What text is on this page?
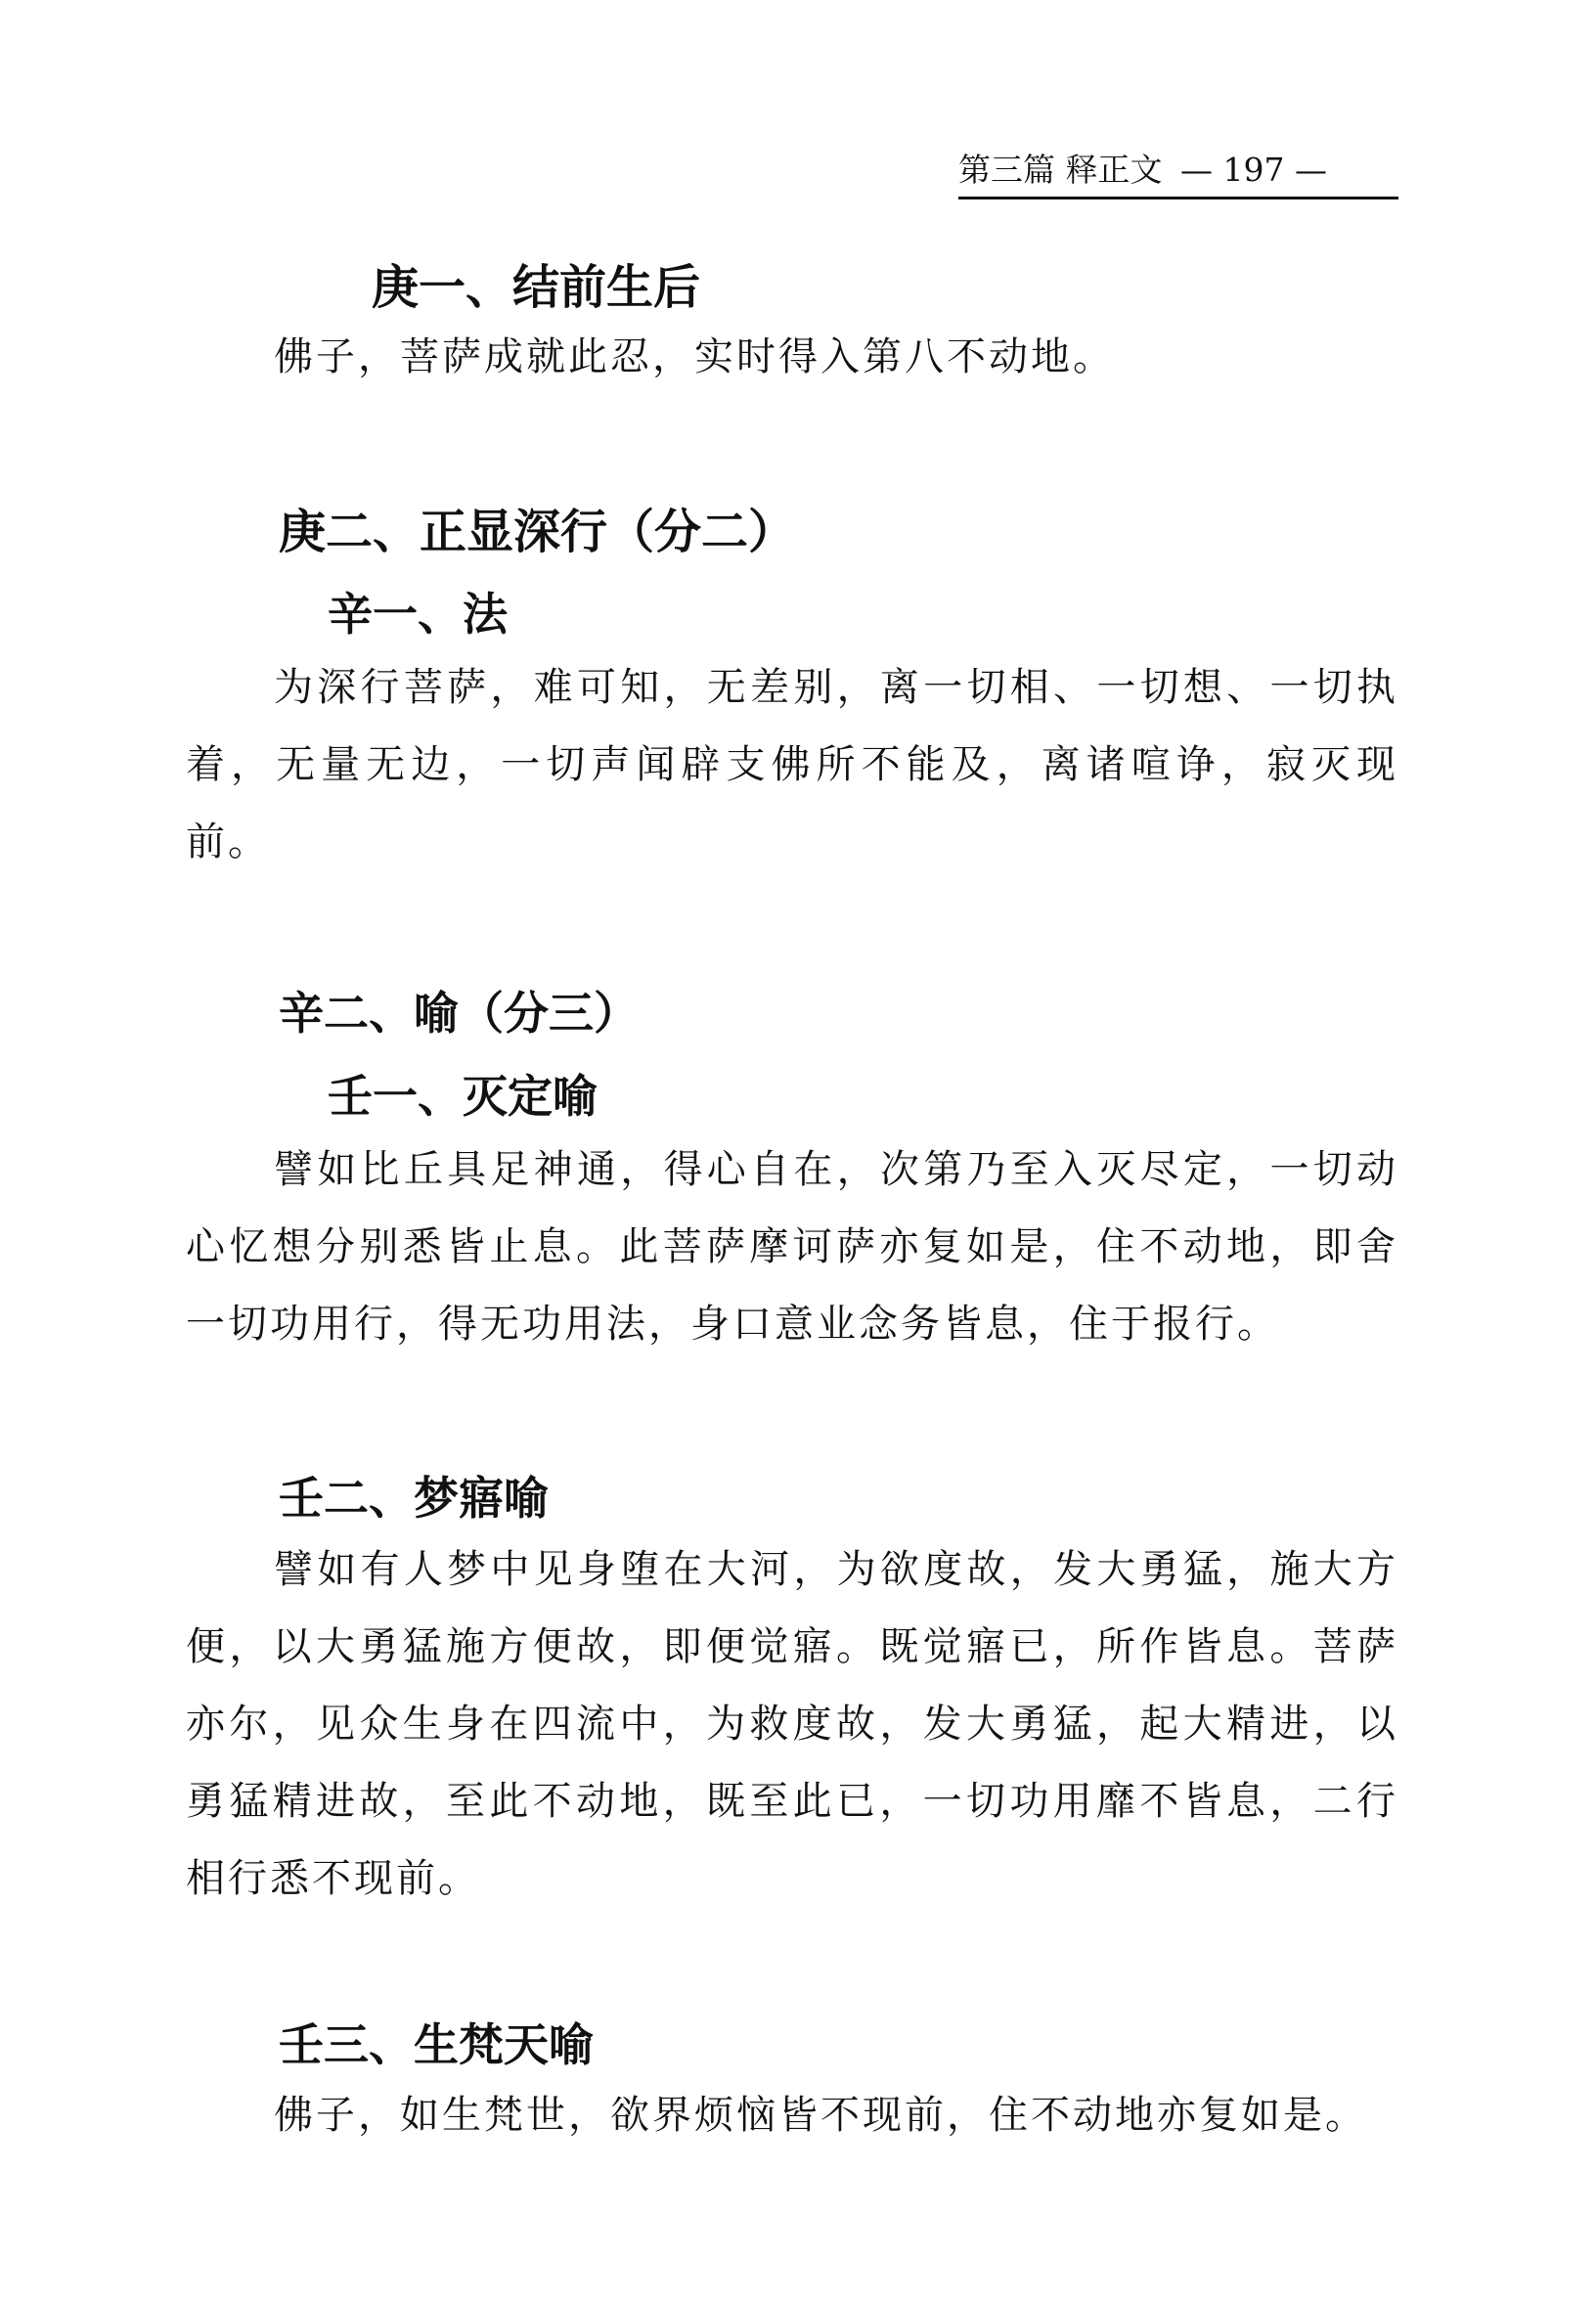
第三篇 释正文 — 197 —
庚一、结前生后
佛子，菩萨成就此忍，实时得入第八不动地。
庚二、正显深行（分二）
辛一、法
为深行菩萨，难可知，无差别，离一切相、一切想、一切执着，无量无边，一切声闻辟支佛所不能及，离诸喧诤，寂灭现前。
辛二、喻（分三）
壬一、灭定喻
譬如比丘具足神通，得心自在，次第乃至入灭尽定，一切动心忆想分别悉皆止息。此菩萨摩诃萨亦复如是，住不动地，即舍一切功用行，得无功用法，身口意业念务皆息，住于报行。
壬二、梦寤喻
譬如有人梦中见身堕在大河，为欲度故，发大勇猛，施大方便，以大勇猛施方便故，即便觉寤。既觉寤已，所作皆息。菩萨亦尔，见众生身在四流中，为救度故，发大勇猛，起大精进，以勇猛精进故，至此不动地，既至此已，一切功用靡不皆息，二行相行悉不现前。
壬三、生梵天喻
佛子，如生梵世，欲界烦恼皆不现前，住不动地亦复如是。
